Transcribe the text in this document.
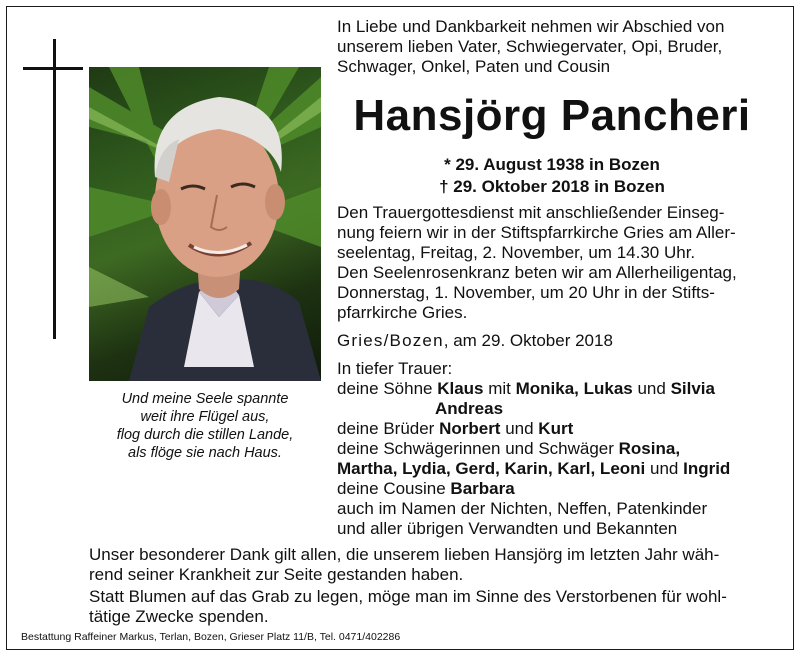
Und meine Seele spannte
weit ihre Flügel aus,
flog durch die stillen Lande,
als flöge sie nach Haus.
In Liebe und Dankbarkeit nehmen wir Abschied von
unserem lieben Vater, Schwiegervater, Opi, Bruder,
Schwager, Onkel, Paten und Cousin
Hansjörg Pancheri
* 29. August 1938 in Bozen
† 29. Oktober 2018 in Bozen
Den Trauergottesdienst mit anschließender Einseg-
nung feiern wir in der Stiftspfarrkirche Gries am Aller-
seelentag, Freitag, 2. November, um 14.30 Uhr.
Den Seelenrosenkranz beten wir am Allerheiligentag,
Donnerstag, 1. November, um 20 Uhr in der Stifts-
pfarrkirche Gries.
Gries/Bozen, am 29. Oktober 2018
In tiefer Trauer:
deine Söhne Klaus mit Monika, Lukas und Silvia
Andreas
deine Brüder Norbert und Kurt
deine Schwägerinnen und Schwäger Rosina,
Martha, Lydia, Gerd, Karin, Karl, Leoni und Ingrid
deine Cousine Barbara
auch im Namen der Nichten, Neffen, Patenkinder
und aller übrigen Verwandten und Bekannten
Unser besonderer Dank gilt allen, die unserem lieben Hansjörg im letzten Jahr wäh-
rend seiner Krankheit zur Seite gestanden haben.
Statt Blumen auf das Grab zu legen, möge man im Sinne des Verstorbenen für wohl-
tätige Zwecke spenden.
Bestattung Raffeiner Markus, Terlan, Bozen, Grieser Platz 11/B, Tel. 0471/402286
